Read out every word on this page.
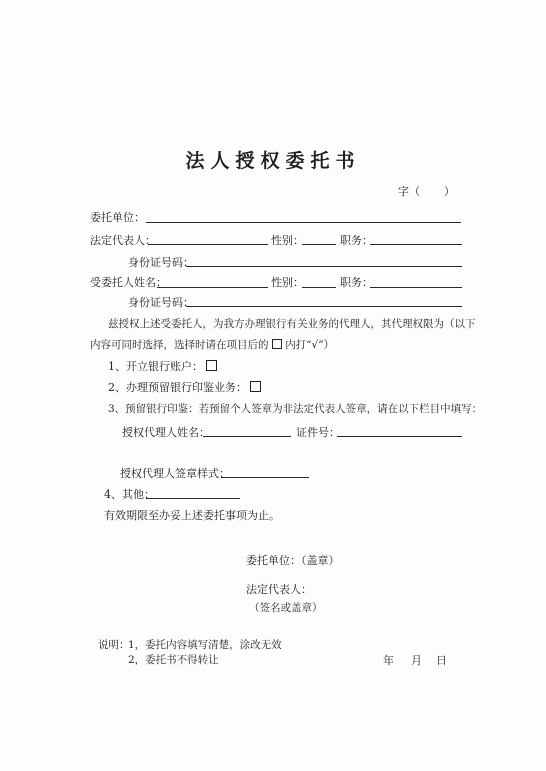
法人授权委托书
字（ ）
委托单位：
法定代表人：	性别：	职务：
身份证号码：
受委托人姓名：	性别：	职务：
身份证号码：
兹授权上述受委托人，为我方办理银行有关业务的代理人，其代理权限为（以下
内容可同时选择，选择时请在项目后的 内打“√”）
1、开立银行账户：
2、办理预留银行印鉴业务：
3、预留银行印鉴：若预留个人签章为非法定代表人签章，请在以下栏目中填写：
授权代理人姓名：	证件号：
授权代理人签章样式：
4、其他：
有效期限至办妥上述委托事项为止。
委托单位：（盖章）
法定代表人：
（签名或盖章）
说明：
1，委托内容填写清楚，涂改无效
2，委托书不得转让	年 月 日
